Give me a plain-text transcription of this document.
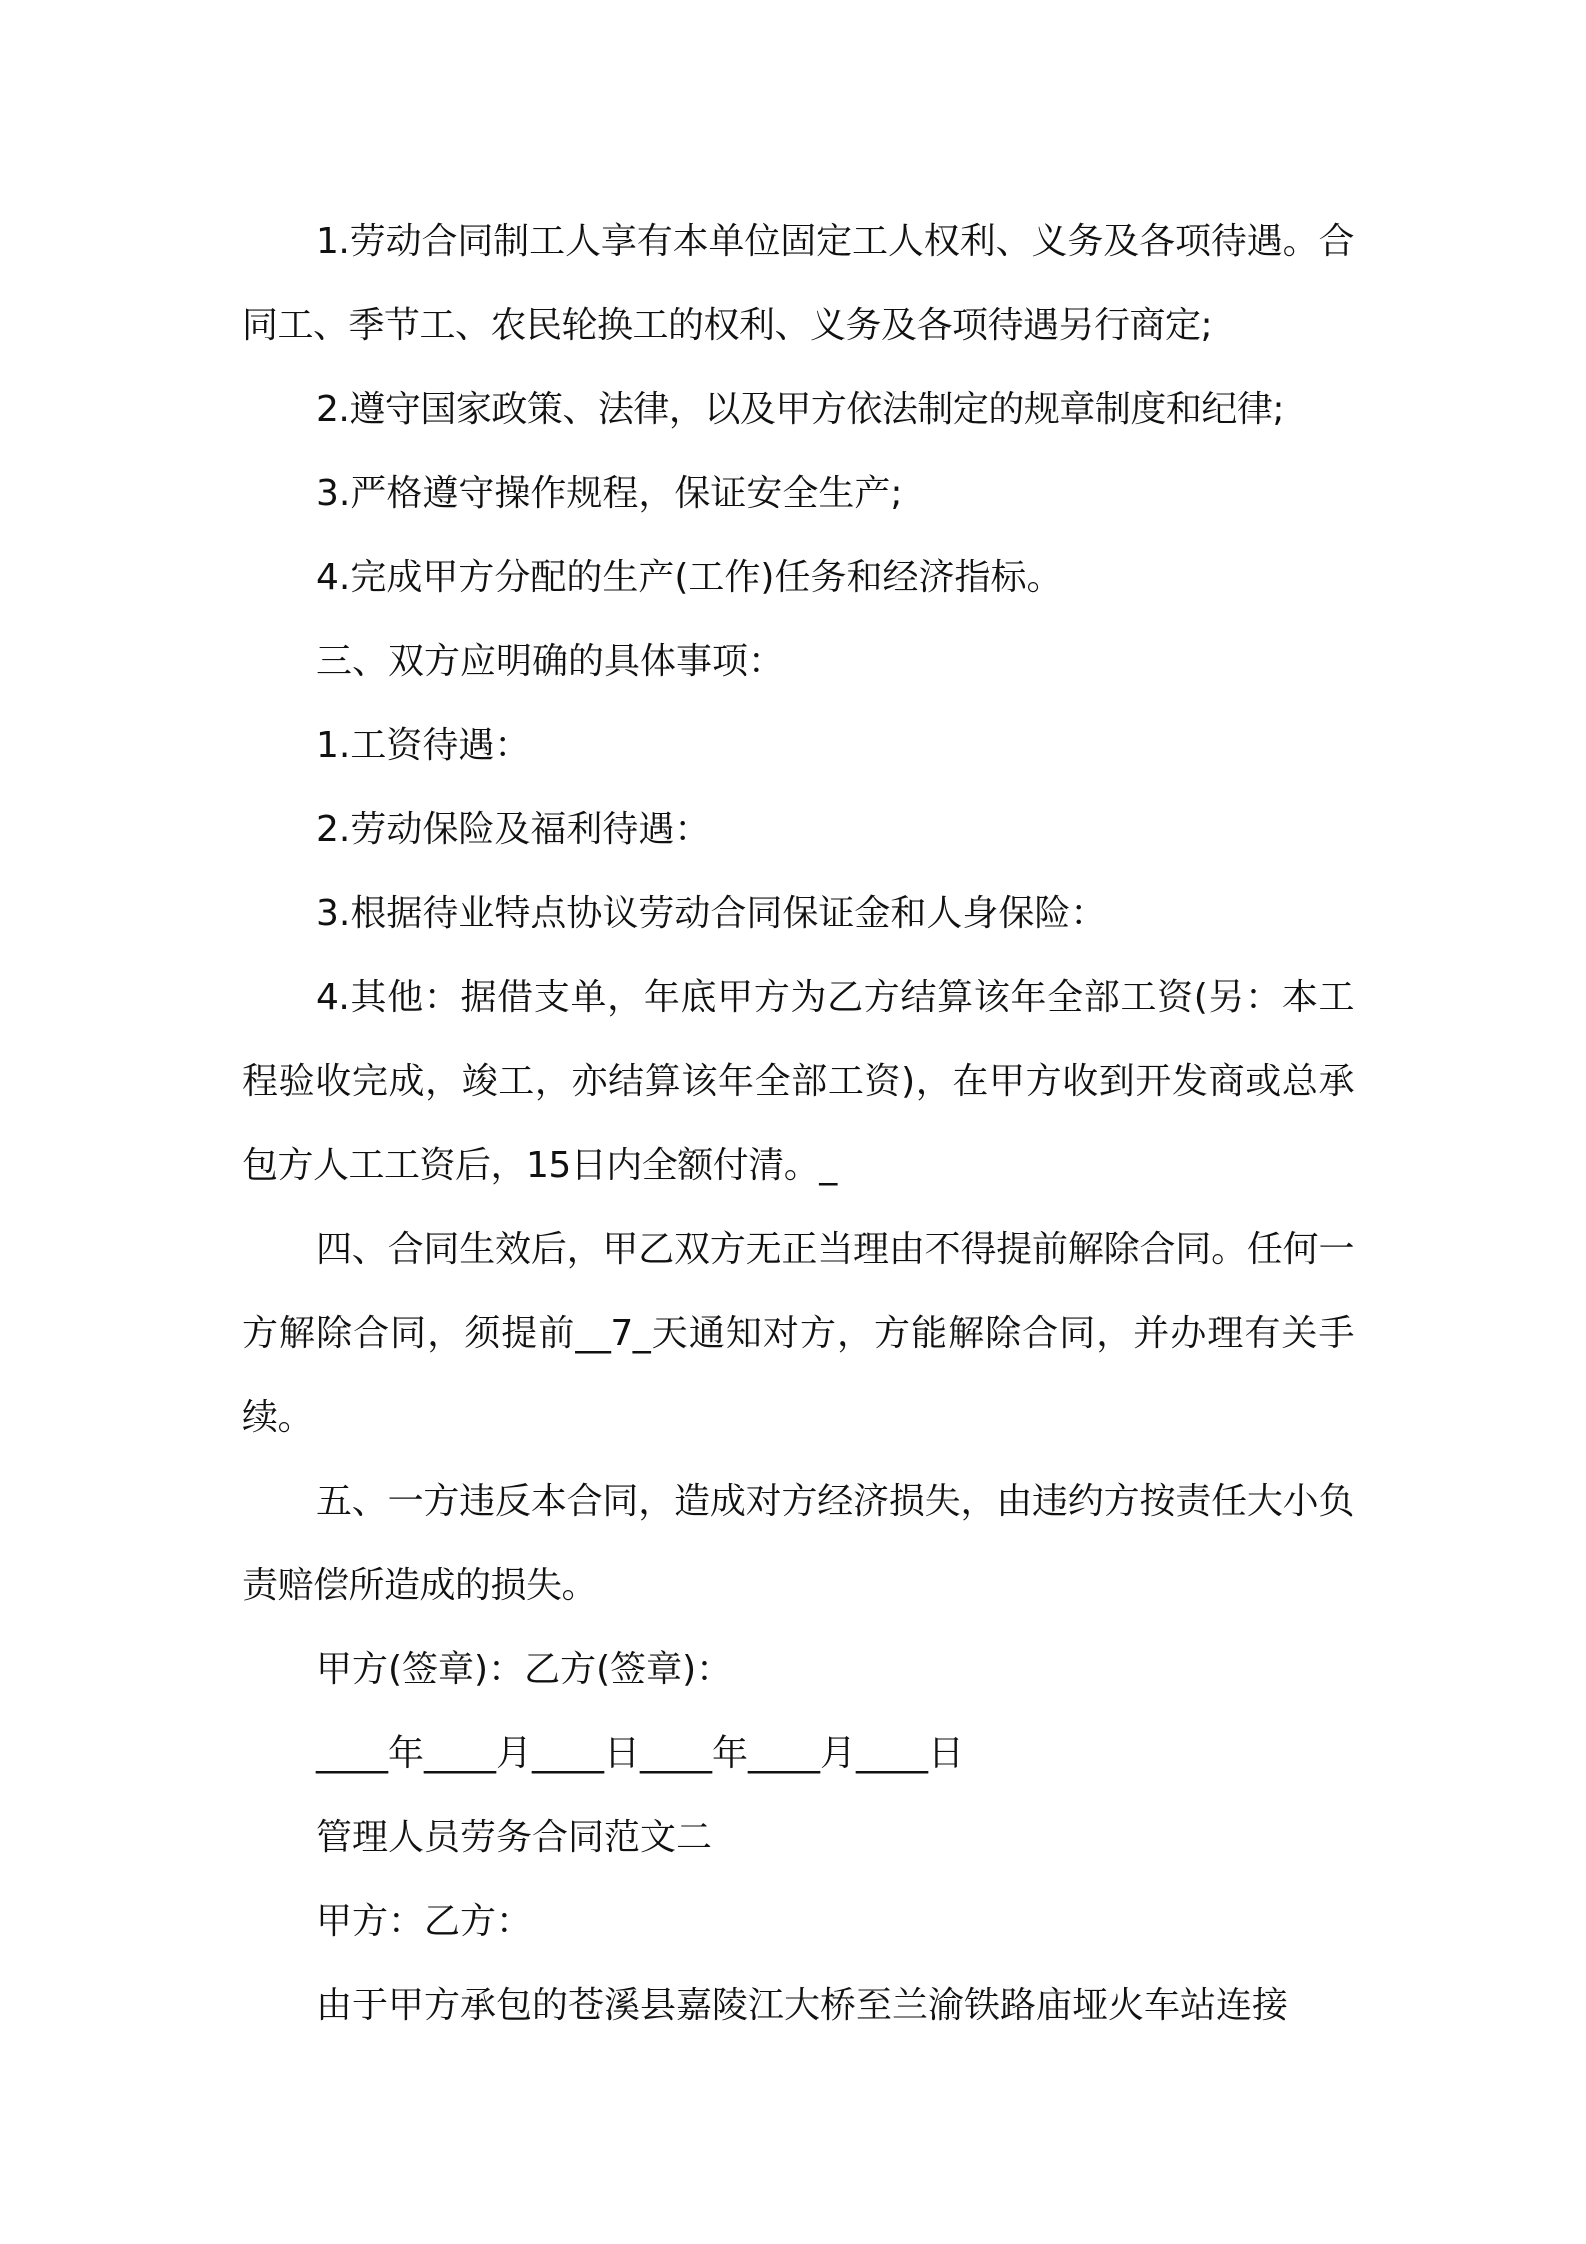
1.劳动合同制工人享有本单位固定工人权利、义务及各项待遇。合同工、季节工、农民轮换工的权利、义务及各项待遇另行商定;

2.遵守国家政策、法律，以及甲方依法制定的规章制度和纪律;

3.严格遵守操作规程，保证安全生产;

4.完成甲方分配的生产(工作)任务和经济指标。

三、双方应明确的具体事项：

1.工资待遇：

2.劳动保险及福利待遇：

3.根据待业特点协议劳动合同保证金和人身保险：

4.其他：据借支单，年底甲方为乙方结算该年全部工资(另：本工程验收完成，竣工，亦结算该年全部工资)，在甲方收到开发商或总承包方人工工资后，15日内全额付清。_

四、合同生效后，甲乙双方无正当理由不得提前解除合同。任何一方解除合同，须提前__7_天通知对方，方能解除合同，并办理有关手续。

五、一方违反本合同，造成对方经济损失，由违约方按责任大小负责赔偿所造成的损失。

甲方(签章)：乙方(签章)：

____年____月____日____年____月____日

管理人员劳务合同范文二

甲方：乙方：

由于甲方承包的苍溪县嘉陵江大桥至兰渝铁路庙垭火车站连接
